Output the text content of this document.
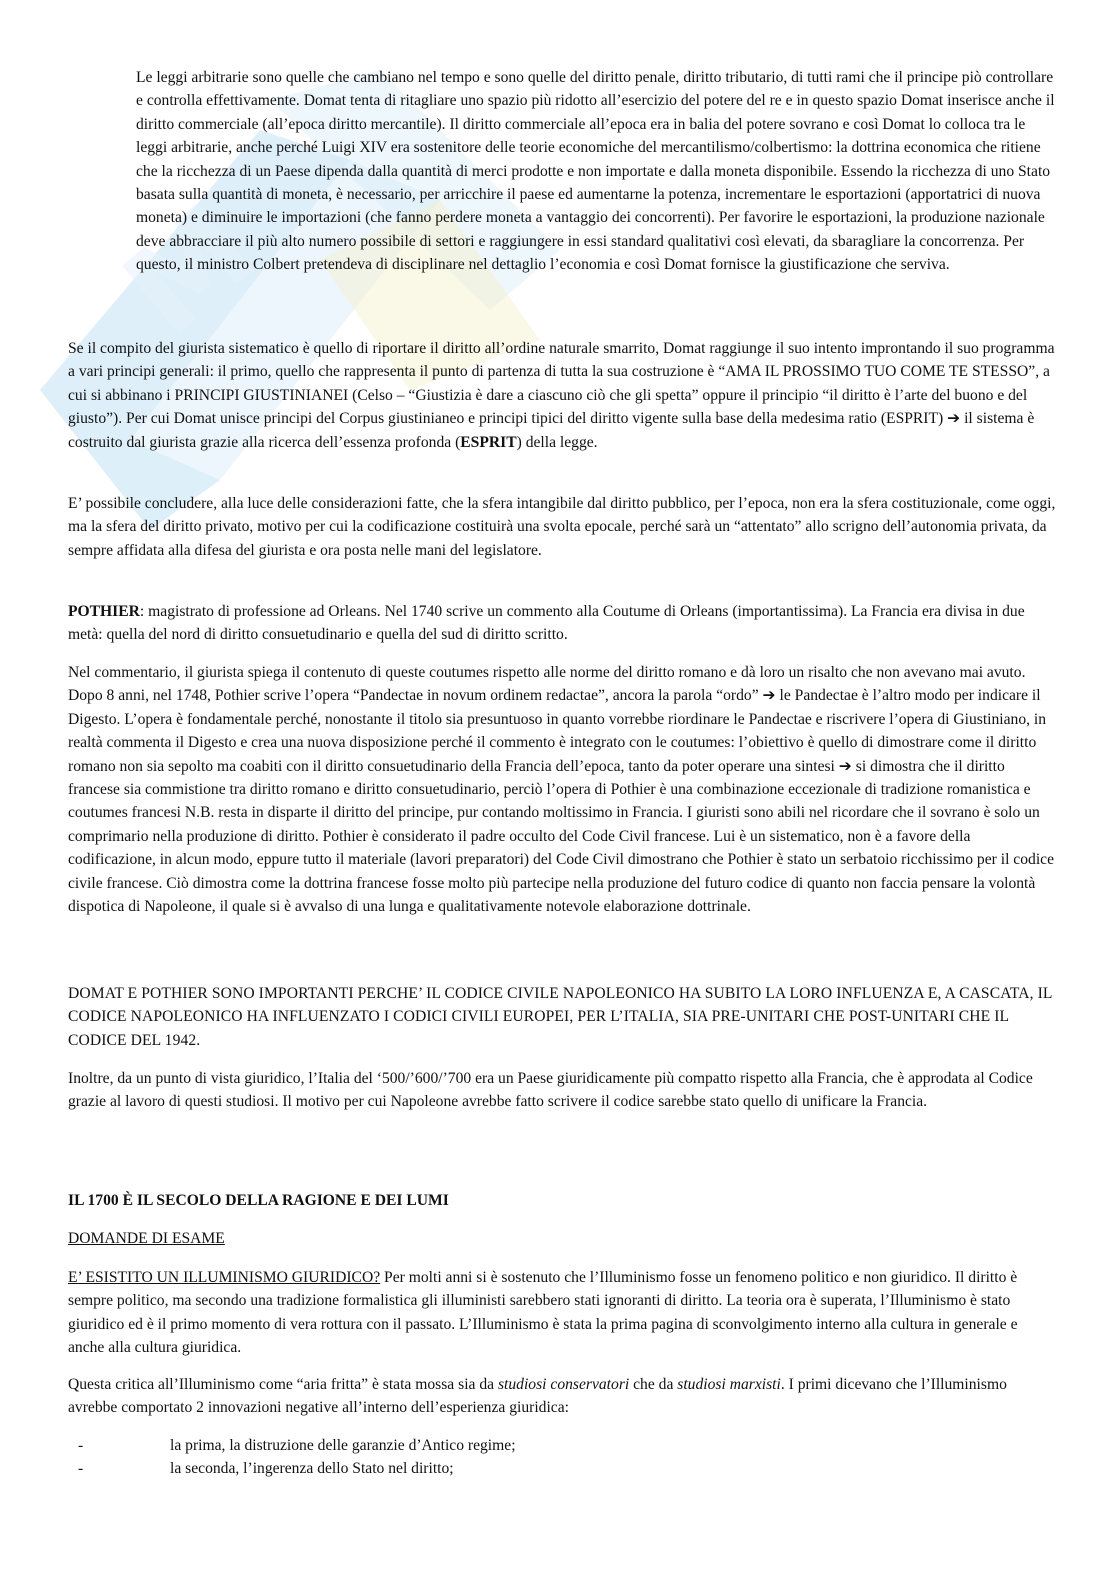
M

Le leggi arbitrarie sono quelle che cambiano nel tempo e sono quelle del diritto penale, diritto tributario, di tutti rami che il principe piò controllare e controlla effettivamente. Domat tenta di ritagliare uno spazio più ridotto all’esercizio del potere del re e in questo spazio Domat inserisce anche il diritto commerciale (all’epoca diritto mercantile). Il diritto commerciale all’epoca era in balia del potere sovrano e così Domat lo colloca tra le leggi arbitrarie, anche perché Luigi XIV era sostenitore delle teorie economiche del mercantilismo/colbertismo: la dottrina economica che ritiene che la ricchezza di un Paese dipenda dalla quantità di merci prodotte e non importate e dalla moneta disponibile. Essendo la ricchezza di uno Stato basata sulla quantità di moneta, è necessario, per arricchire il paese ed aumentarne la potenza, incrementare le esportazioni (apportatrici di nuova moneta) e diminuire le importazioni (che fanno perdere moneta a vantaggio dei concorrenti). Per favorire le esportazioni, la produzione nazionale deve abbracciare il più alto numero possibile di settori e raggiungere in essi standard qualitativi così elevati, da sbaragliare la concorrenza. Per questo, il ministro Colbert pretendeva di disciplinare nel dettaglio l’economia e così Domat fornisce la giustificazione che serviva.

Se il compito del giurista sistematico è quello di riportare il diritto all’ordine naturale smarrito, Domat raggiunge il suo intento improntando il suo programma a vari principi generali: il primo, quello che rappresenta il punto di partenza di tutta la sua costruzione è “AMA IL PROSSIMO TUO COME TE STESSO”, a cui si abbinano i PRINCIPI GIUSTINIANEI (Celso – “Giustizia è dare a ciascuno ciò che gli spetta” oppure il principio “il diritto è l’arte del buono e del giusto”). Per cui Domat unisce principi del Corpus giustinianeo e principi tipici del diritto vigente sulla base della medesima ratio (ESPRIT) ➔ il sistema è costruito dal giurista grazie alla ricerca dell’essenza profonda (ESPRIT) della legge.

E’ possibile concludere, alla luce delle considerazioni fatte, che la sfera intangibile dal diritto pubblico, per l’epoca, non era la sfera costituzionale, come oggi, ma la sfera del diritto privato, motivo per cui la codificazione costituirà una svolta epocale, perché sarà un “attentato” allo scrigno dell’autonomia privata, da sempre affidata alla difesa del giurista e ora posta nelle mani del legislatore.

POTHIER: magistrato di professione ad Orleans. Nel 1740 scrive un commento alla Coutume di Orleans (importantissima). La Francia era divisa in due metà: quella del nord di diritto consuetudinario e quella del sud di diritto scritto.

Nel commentario, il giurista spiega il contenuto di queste coutumes rispetto alle norme del diritto romano e dà loro un risalto che non avevano mai avuto. Dopo 8 anni, nel 1748, Pothier scrive l’opera “Pandectae in novum ordinem redactae”, ancora la parola “ordo” ➔ le Pandectae è l’altro modo per indicare il Digesto. L’opera è fondamentale perché, nonostante il titolo sia presuntuoso in quanto vorrebbe riordinare le Pandectae e riscrivere l’opera di Giustiniano, in realtà commenta il Digesto e crea una nuova disposizione perché il commento è integrato con le coutumes: l’obiettivo è quello di dimostrare come il diritto romano non sia sepolto ma coabiti con il diritto consuetudinario della Francia dell’epoca, tanto da poter operare una sintesi ➔ si dimostra che il diritto francese sia commistione tra diritto romano e diritto consuetudinario, perciò l’opera di Pothier è una combinazione eccezionale di tradizione romanistica e coutumes francesi N.B. resta in disparte il diritto del principe, pur contando moltissimo in Francia. I giuristi sono abili nel ricordare che il sovrano è solo un comprimario nella produzione di diritto. Pothier è considerato il padre occulto del Code Civil francese. Lui è un sistematico, non è a favore della codificazione, in alcun modo, eppure tutto il materiale (lavori preparatori) del Code Civil dimostrano che Pothier è stato un serbatoio ricchissimo per il codice civile francese. Ciò dimostra come la dottrina francese fosse molto più partecipe nella produzione del futuro codice di quanto non faccia pensare la volontà dispotica di Napoleone, il quale si è avvalso di una lunga e qualitativamente notevole elaborazione dottrinale.

DOMAT E POTHIER SONO IMPORTANTI PERCHE’ IL CODICE CIVILE NAPOLEONICO HA SUBITO LA LORO INFLUENZA E, A CASCATA, IL CODICE NAPOLEONICO HA INFLUENZATO I CODICI CIVILI EUROPEI, PER L’ITALIA, SIA PRE-UNITARI CHE POST-UNITARI CHE IL CODICE DEL 1942.

Inoltre, da un punto di vista giuridico, l’Italia del ‘500/’600/’700 era un Paese giuridicamente più compatto rispetto alla Francia, che è approdata al Codice grazie al lavoro di questi studiosi. Il motivo per cui Napoleone avrebbe fatto scrivere il codice sarebbe stato quello di unificare la Francia.

IL 1700 È IL SECOLO DELLA RAGIONE E DEI LUMI

DOMANDE DI ESAME

E’ ESISTITO UN ILLUMINISMO GIURIDICO? Per molti anni si è sostenuto che l’Illuminismo fosse un fenomeno politico e non giuridico. Il diritto è sempre politico, ma secondo una tradizione formalistica gli illuministi sarebbero stati ignoranti di diritto. La teoria ora è superata, l’Illuminismo è stato giuridico ed è il primo momento di vera rottura con il passato. L’Illuminismo è stata la prima pagina di sconvolgimento interno alla cultura in generale e anche alla cultura giuridica.

Questa critica all’Illuminismo come “aria fritta” è stata mossa sia da studiosi conservatori che da studiosi marxisti. I primi dicevano che l’Illuminismo avrebbe comportato 2 innovazioni negative all’interno dell’esperienza giuridica:

-	la prima, la distruzione delle garanzie d’Antico regime;
-	la seconda, l’ingerenza dello Stato nel diritto;
